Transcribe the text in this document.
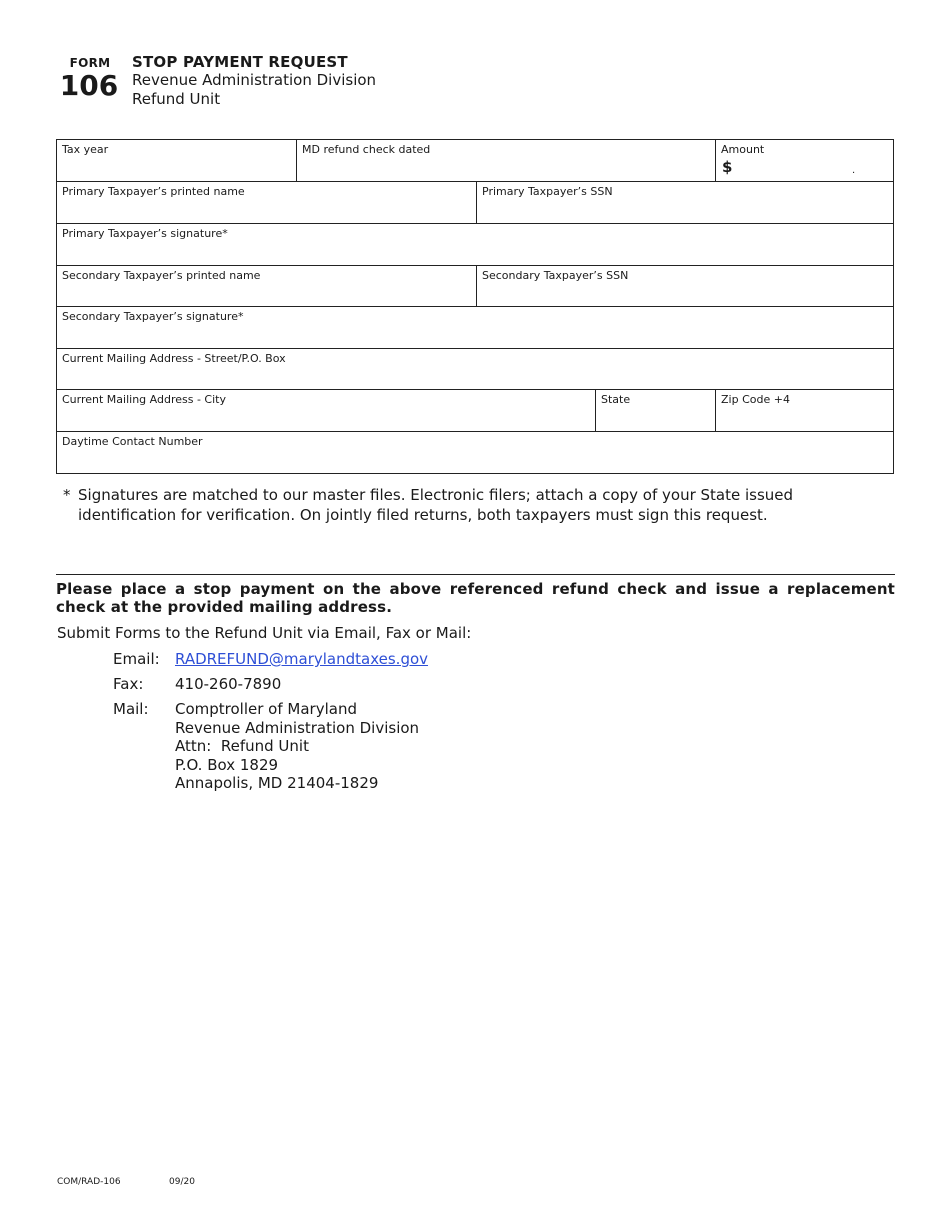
FORM
106
STOP PAYMENT REQUEST
Revenue Administration Division
Refund Unit
Tax year	MD refund check dated	Amount
$	.
Primary Taxpayer’s printed name	Primary Taxpayer’s SSN
Primary Taxpayer’s signature*
Secondary Taxpayer’s printed name	Secondary Taxpayer’s SSN
Secondary Taxpayer’s signature*
Current Mailing Address - Street/P.O. Box
Current Mailing Address - City	State	Zip Code +4
Daytime Contact Number
* Signatures are matched to our master files. Electronic filers; attach a copy of your State issued identification for verification. On jointly filed returns, both taxpayers must sign this request.
Please place a stop payment on the above referenced refund check and issue a replacement check at the provided mailing address.
Submit Forms to the Refund Unit via Email, Fax or Mail:
Email:	RADREFUND@marylandtaxes.gov
Fax:	410-260-7890
Mail:	Comptroller of Maryland
Revenue Administration Division
Attn:  Refund Unit
P.O. Box 1829
Annapolis, MD 21404-1829
COM/RAD-106	09/20
